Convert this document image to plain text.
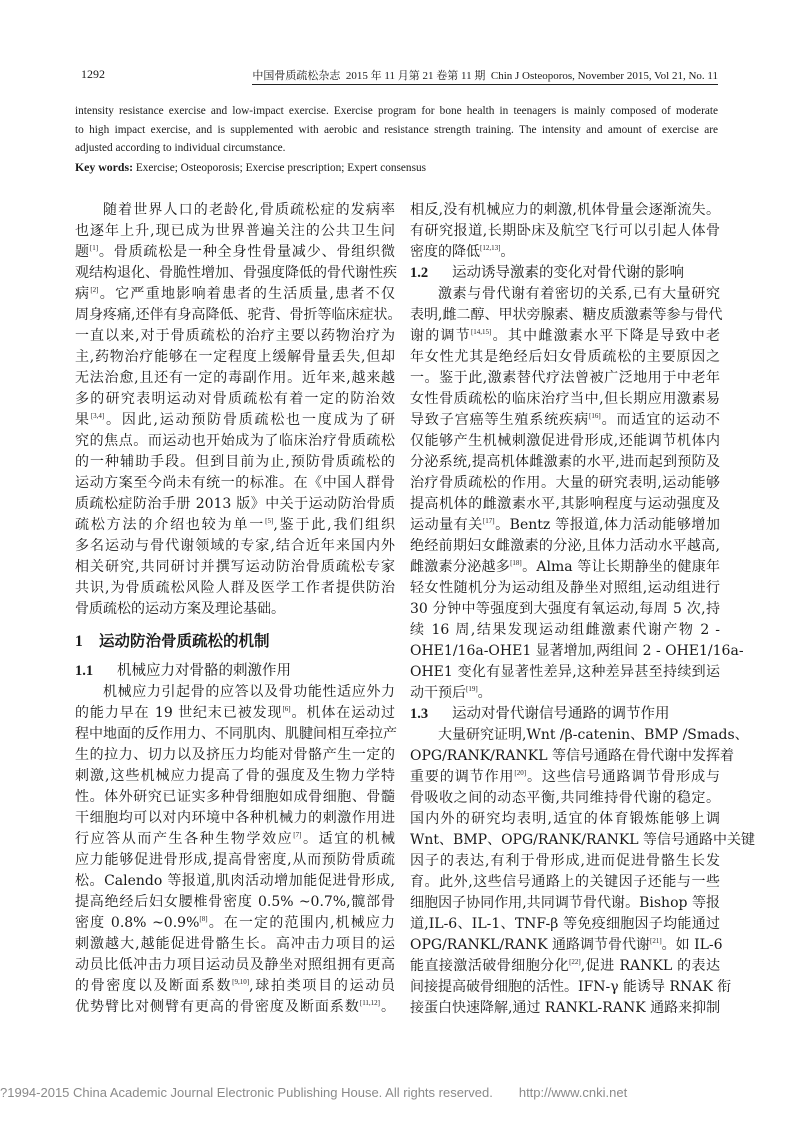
1292	中国骨质疏松杂志  2015 年 11 月第 21 卷第 11 期 Chin J Osteoporos, November 2015, Vol 21, No. 11
intensity resistance exercise and low-impact exercise. Exercise program for bone health in teenagers is mainly composed of moderate
to high impact exercise, and is supplemented with aerobic and resistance strength training. The intensity and amount of exercise are
adjusted according to individual circumstance.
Key words: Exercise; Osteoporosis; Exercise prescription; Expert consensus
随着世界人口的老龄化,骨质疏松症的发病率
也逐年上升,现已成为世界普遍关注的公共卫生问
题[1]。骨质疏松是一种全身性骨量减少、骨组织微
观结构退化、骨脆性增加、骨强度降低的骨代谢性疾
病[2]。它严重地影响着患者的生活质量,患者不仅
周身疼痛,还伴有身高降低、驼背、骨折等临床症状。
一直以来,对于骨质疏松的治疗主要以药物治疗为
主,药物治疗能够在一定程度上缓解骨量丢失,但却
无法治愈,且还有一定的毒副作用。近年来,越来越
多的研究表明运动对骨质疏松有着一定的防治效
果[3,4]。因此,运动预防骨质疏松也一度成为了研
究的焦点。而运动也开始成为了临床治疗骨质疏松
的一种辅助手段。但到目前为止,预防骨质疏松的
运动方案至今尚未有统一的标准。在《中国人群骨
质疏松症防治手册 2013 版》中关于运动防治骨质
疏松方法的介绍也较为单一[5],鉴于此,我们组织
多名运动与骨代谢领域的专家,结合近年来国内外
相关研究,共同研讨并撰写运动防治骨质疏松专家
共识,为骨质疏松风险人群及医学工作者提供防治
骨质疏松的运动方案及理论基础。
1 运动防治骨质疏松的机制
1.1 机械应力对骨骼的刺激作用
机械应力引起骨的应答以及骨功能性适应外力
的能力早在 19 世纪末已被发现[6]。机体在运动过
程中地面的反作用力、不同肌肉、肌腱间相互牵拉产
生的拉力、切力以及挤压力均能对骨骼产生一定的
刺激,这些机械应力提高了骨的强度及生物力学特
性。体外研究已证实多种骨细胞如成骨细胞、骨髓
干细胞均可以对内环境中各种机械力的刺激作用进
行应答从而产生各种生物学效应[7]。适宜的机械
应力能够促进骨形成,提高骨密度,从而预防骨质疏
松。Calendo 等报道,肌肉活动增加能促进骨形成,
提高绝经后妇女腰椎骨密度 0.5% ~0.7%,髋部骨
密度 0.8% ~0.9%[8]。在一定的范围内,机械应力
刺激越大,越能促进骨骼生长。高冲击力项目的运
动员比低冲击力项目运动员及静坐对照组拥有更高
的骨密度以及断面系数[9,10],球拍类项目的运动员
优势臂比对侧臂有更高的骨密度及断面系数[11,12]。
相反,没有机械应力的刺激,机体骨量会逐渐流失。
有研究报道,长期卧床及航空飞行可以引起人体骨
密度的降低[12,13]。
1.2 运动诱导激素的变化对骨代谢的影响
激素与骨代谢有着密切的关系,已有大量研究
表明,雌二醇、甲状旁腺素、糖皮质激素等参与骨代
谢的调节[14,15]。其中雌激素水平下降是导致中老
年女性尤其是绝经后妇女骨质疏松的主要原因之
一。鉴于此,激素替代疗法曾被广泛地用于中老年
女性骨质疏松的临床治疗当中,但长期应用激素易
导致子宫癌等生殖系统疾病[16]。而适宜的运动不
仅能够产生机械刺激促进骨形成,还能调节机体内
分泌系统,提高机体雌激素的水平,进而起到预防及
治疗骨质疏松的作用。大量的研究表明,运动能够
提高机体的雌激素水平,其影响程度与运动强度及
运动量有关[17]。Bentz 等报道,体力活动能够增加
绝经前期妇女雌激素的分泌,且体力活动水平越高,
雌激素分泌越多[18]。Alma 等让长期静坐的健康年
轻女性随机分为运动组及静坐对照组,运动组进行
30 分钟中等强度到大强度有氧运动,每周 5 次,持
续 16 周,结果发现运动组雌激素代谢产物 2 -
OHE1/16a-OHE1 显著增加,两组间 2 - OHE1/16a-
OHE1 变化有显著性差异,这种差异甚至持续到运
动干预后[19]。
1.3 运动对骨代谢信号通路的调节作用
大量研究证明,Wnt /β-catenin、BMP /Smads、
OPG/RANK/RANKL 等信号通路在骨代谢中发挥着
重要的调节作用[20]。这些信号通路调节骨形成与
骨吸收之间的动态平衡,共同维持骨代谢的稳定。
国内外的研究均表明,适宜的体育锻炼能够上调
Wnt、BMP、OPG/RANK/RANKL 等信号通路中关键
因子的表达,有利于骨形成,进而促进骨骼生长发
育。此外,这些信号通路上的关键因子还能与一些
细胞因子协同作用,共同调节骨代谢。Bishop 等报
道,IL-6、IL-1、TNF-β 等免疫细胞因子均能通过
OPG/RANKL/RANK 通路调节骨代谢[21]。如 IL-6
能直接激活破骨细胞分化[22],促进 RANKL 的表达
间接提高破骨细胞的活性。IFN-γ 能诱导 RNAK 衔
接蛋白快速降解,通过 RANKL-RANK 通路来抑制
?1994-2015 China Academic Journal Electronic Publishing House. All rights reserved. http://www.cnki.net
